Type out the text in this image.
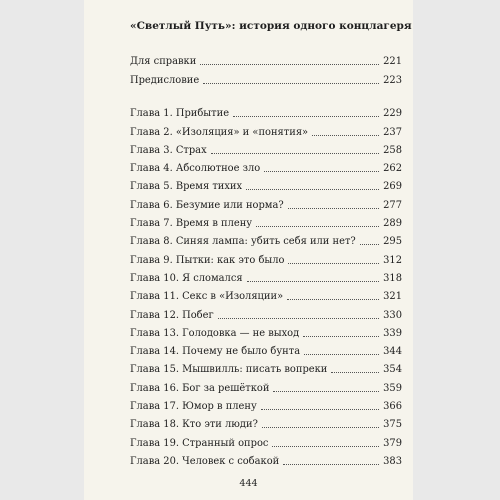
«Светлый Путь»: история одного концлагеря
Для справки	221
Предисловие	223
Глава 1. Прибытие	229
Глава 2. «Изоляция» и «понятия»	237
Глава 3. Страх	258
Глава 4. Абсолютное зло	262
Глава 5. Время тихих	269
Глава 6. Безумие или норма?	277
Глава 7. Время в плену	289
Глава 8. Синяя лампа: убить себя или нет?	295
Глава 9. Пытки: как это было	312
Глава 10. Я сломался	318
Глава 11. Секс в «Изоляции»	321
Глава 12. Побег	330
Глава 13. Голодовка — не выход	339
Глава 14. Почему не было бунта	344
Глава 15. Мышвилль: писать вопреки	354
Глава 16. Бог за решёткой	359
Глава 17. Юмор в плену	366
Глава 18. Кто эти люди?	375
Глава 19. Странный опрос	379
Глава 20. Человек с собакой	383
444
